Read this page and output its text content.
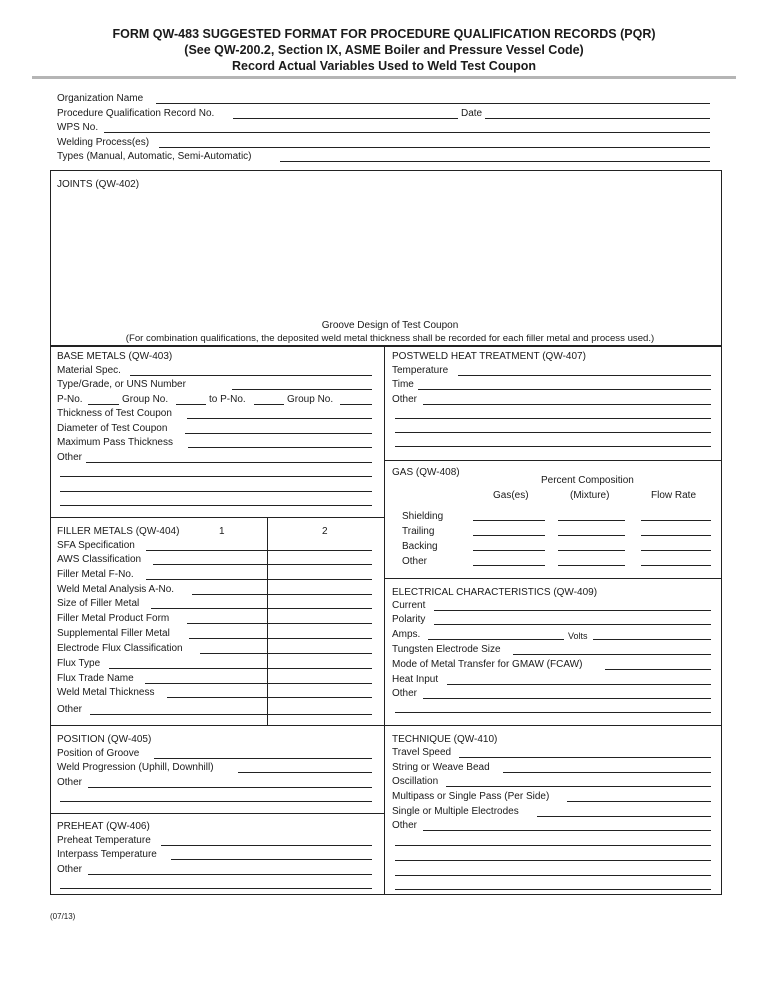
FORM QW-483 SUGGESTED FORMAT FOR PROCEDURE QUALIFICATION RECORDS (PQR)
(See QW-200.2, Section IX, ASME Boiler and Pressure Vessel Code)
Record Actual Variables Used to Weld Test Coupon
Organization Name
Procedure Qualification Record No.	Date
WPS No.
Welding Process(es)
Types (Manual, Automatic, Semi-Automatic)
JOINTS (QW-402)
Groove Design of Test Coupon
(For combination qualifications, the deposited weld metal thickness shall be recorded for each filler metal and process used.)
BASE METALS (QW-403)
Material Spec.
Type/Grade, or UNS Number
P-No.	Group No.	to P-No.	Group No.
Thickness of Test Coupon
Diameter of Test Coupon
Maximum Pass Thickness
Other
POSTWELD HEAT TREATMENT (QW-407)
Temperature
Time
Other
GAS (QW-408)
Percent Composition
Gas(es)	(Mixture)	Flow Rate
Shielding
Trailing
Backing
Other
FILLER METALS (QW-404)	1	2
SFA Specification
AWS Classification
Filler Metal F-No.
Weld Metal Analysis A-No.
Size of Filler Metal
Filler Metal Product Form
Supplemental Filler Metal
Electrode Flux Classification
Flux Type
Flux Trade Name
Weld Metal Thickness
Other
ELECTRICAL CHARACTERISTICS (QW-409)
Current
Polarity
Amps.	Volts
Tungsten Electrode Size
Mode of Metal Transfer for GMAW (FCAW)
Heat Input
Other
POSITION (QW-405)
Position of Groove
Weld Progression (Uphill, Downhill)
Other
TECHNIQUE (QW-410)
Travel Speed
String or Weave Bead
Oscillation
Multipass or Single Pass (Per Side)
Single or Multiple Electrodes
Other
PREHEAT (QW-406)
Preheat Temperature
Interpass Temperature
Other
(07/13)
